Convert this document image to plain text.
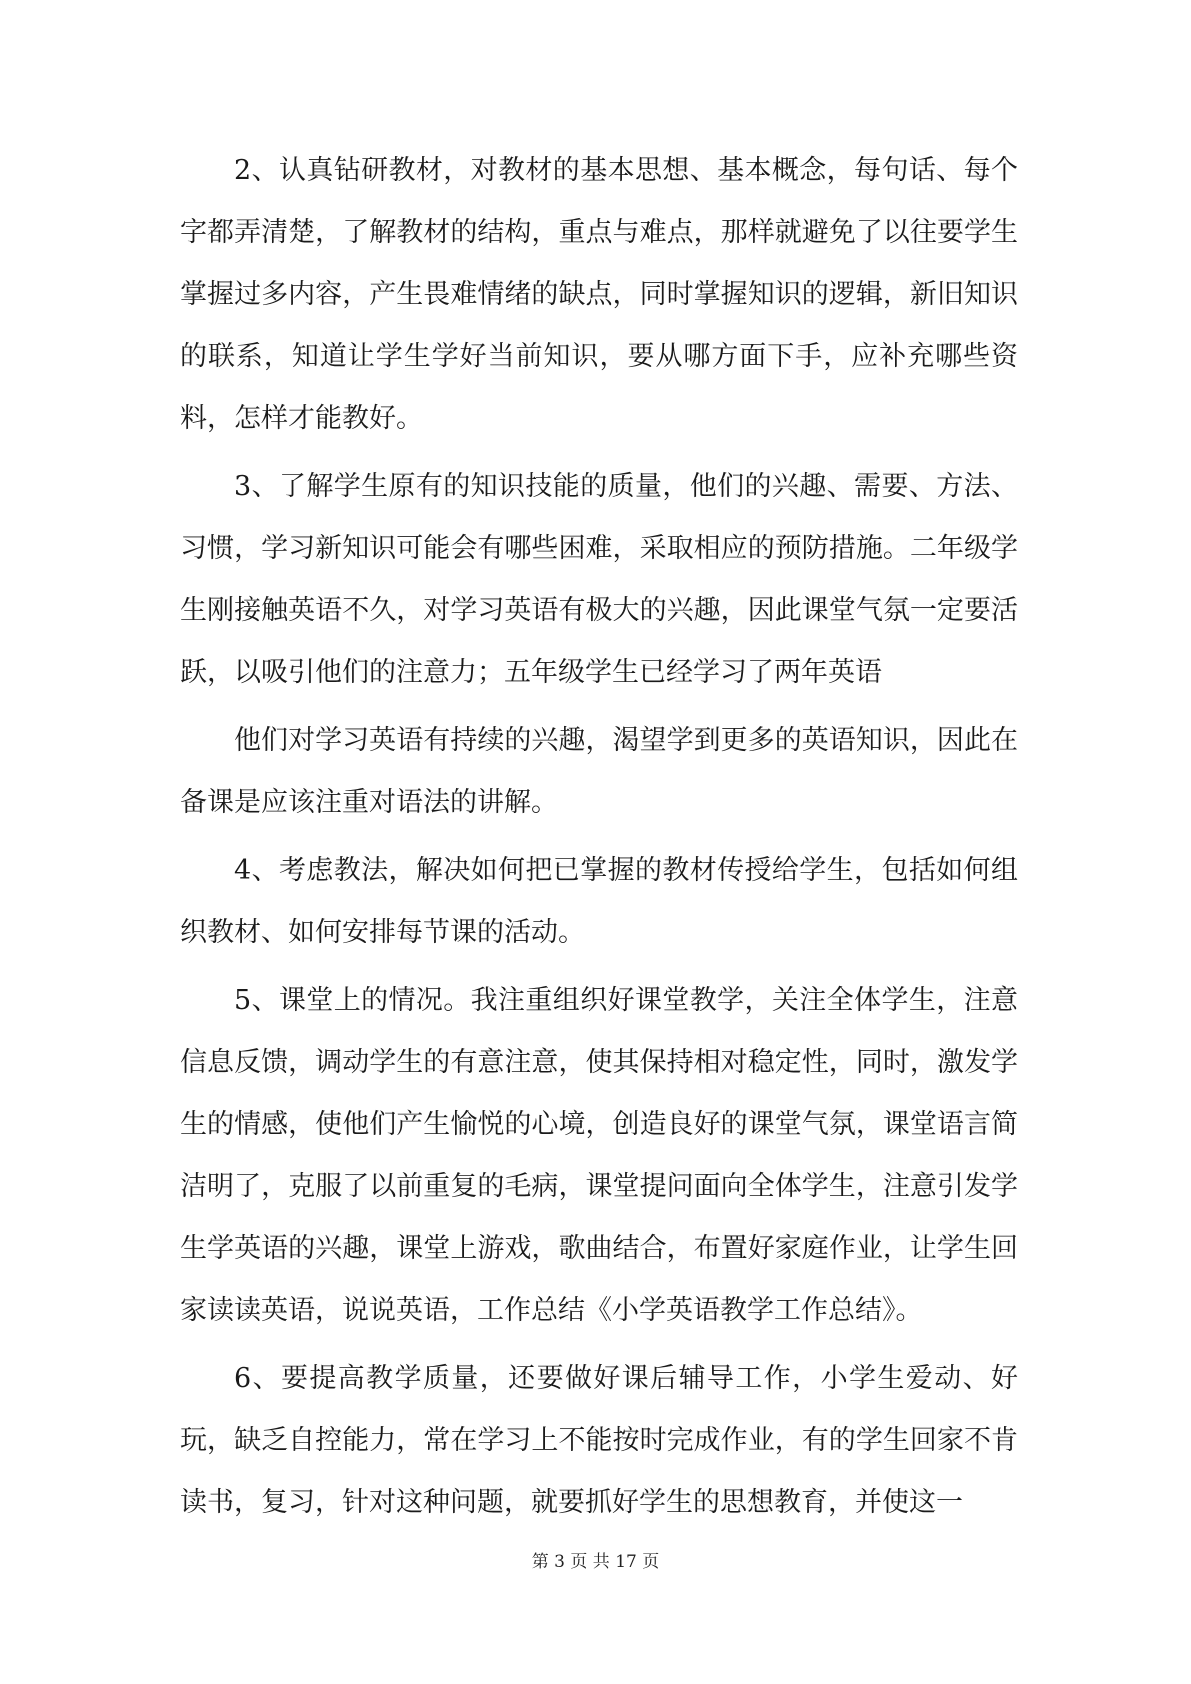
2、认真钻研教材，对教材的基本思想、基本概念，每句话、每个字都弄清楚，了解教材的结构，重点与难点，那样就避免了以往要学生掌握过多内容，产生畏难情绪的缺点，同时掌握知识的逻辑，新旧知识的联系，知道让学生学好当前知识，要从哪方面下手，应补充哪些资料，怎样才能教好。

3、了解学生原有的知识技能的质量，他们的兴趣、需要、方法、习惯，学习新知识可能会有哪些困难，采取相应的预防措施。二年级学生刚接触英语不久，对学习英语有极大的兴趣，因此课堂气氛一定要活跃，以吸引他们的注意力；五年级学生已经学习了两年英语

他们对学习英语有持续的兴趣，渴望学到更多的英语知识，因此在备课是应该注重对语法的讲解。

4、考虑教法，解决如何把已掌握的教材传授给学生，包括如何组织教材、如何安排每节课的活动。

5、课堂上的情况。我注重组织好课堂教学，关注全体学生，注意信息反馈，调动学生的有意注意，使其保持相对稳定性，同时，激发学生的情感，使他们产生愉悦的心境，创造良好的课堂气氛，课堂语言简洁明了，克服了以前重复的毛病，课堂提问面向全体学生，注意引发学生学英语的兴趣，课堂上游戏，歌曲结合，布置好家庭作业，让学生回家读读英语，说说英语，工作总结《小学英语教学工作总结》。

6、要提高教学质量，还要做好课后辅导工作，小学生爱动、好玩，缺乏自控能力，常在学习上不能按时完成作业，有的学生回家不肯读书，复习，针对这种问题，就要抓好学生的思想教育，并使这一

第 3 页 共 17 页
